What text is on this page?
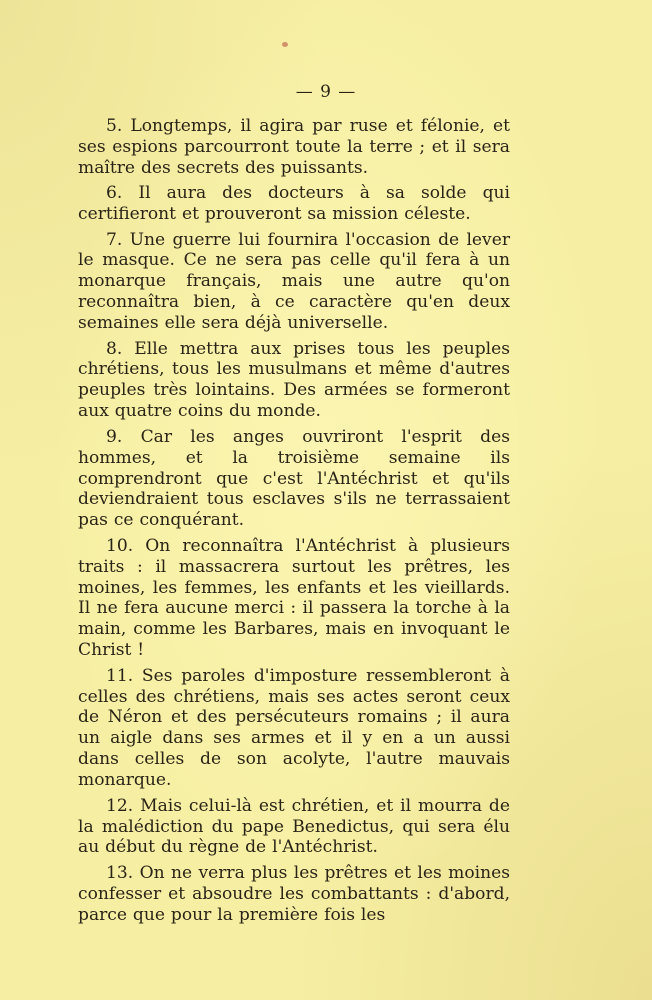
— 9 —

5. Longtemps, il agira par ruse et félonie, et ses espions parcourront toute la terre ; et il sera maître des secrets des puissants.

6. Il aura des docteurs à sa solde qui certifieront et prouveront sa mission céleste.

7. Une guerre lui fournira l'occasion de lever le masque. Ce ne sera pas celle qu'il fera à un monarque français, mais une autre qu'on reconnaîtra bien, à ce caractère qu'en deux semaines elle sera déjà universelle.

8. Elle mettra aux prises tous les peuples chrétiens, tous les musulmans et même d'autres peuples très lointains. Des armées se formeront aux quatre coins du monde.

9. Car les anges ouvriront l'esprit des hommes, et la troisième semaine ils comprendront que c'est l'Antéchrist et qu'ils deviendraient tous esclaves s'ils ne terrassaient pas ce conquérant.

10. On reconnaîtra l'Antéchrist à plusieurs traits : il massacrera surtout les prêtres, les moines, les femmes, les enfants et les vieillards. Il ne fera aucune merci : il passera la torche à la main, comme les Barbares, mais en invoquant le Christ !

11. Ses paroles d'imposture ressembleront à celles des chrétiens, mais ses actes seront ceux de Néron et des persécuteurs romains ; il aura un aigle dans ses armes et il y en a un aussi dans celles de son acolyte, l'autre mauvais monarque.

12. Mais celui-là est chrétien, et il mourra de la malédiction du pape Benedictus, qui sera élu au début du règne de l'Antéchrist.

13. On ne verra plus les prêtres et les moines confesser et absoudre les combattants : d'abord, parce que pour la première fois les
